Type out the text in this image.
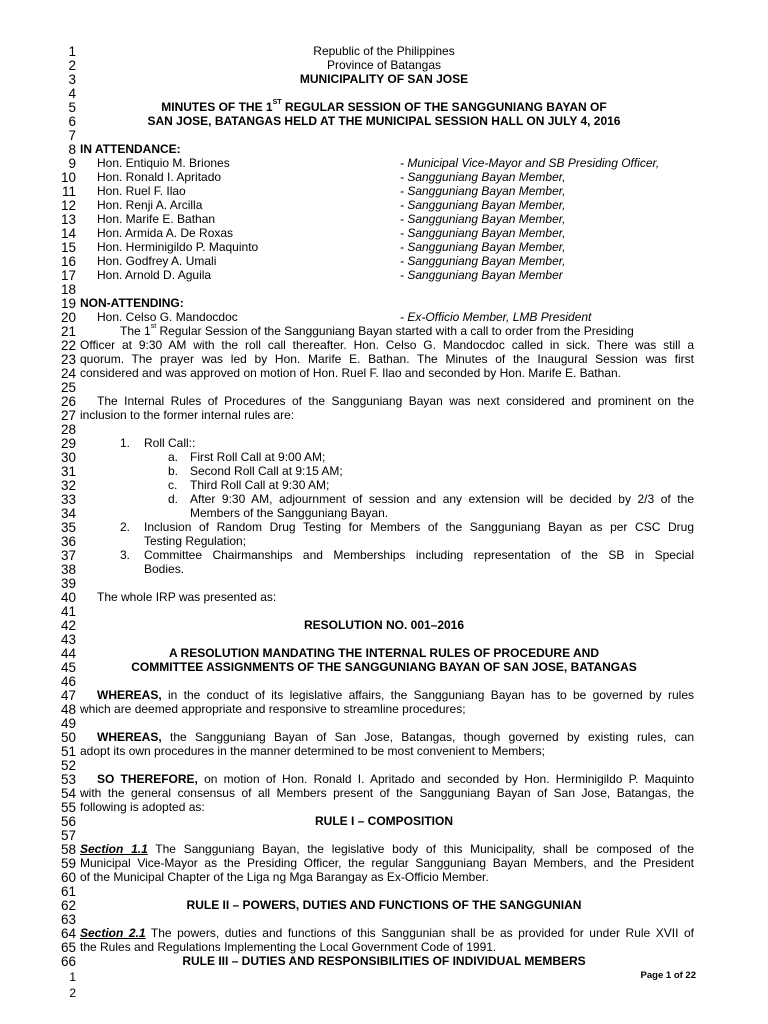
1
2
3
4
5
6
7
8
9
10
11
12
13
14
15
16
17
18
19
20
21
22
23
24
25
26
27
28
29
30
31
32
33
34
35
36
37
38
39
40
41
42
43
44
45
46
47
48
49
50
51
52
53
54
55
56
57
58
59
60
61
62
63
64
65
66
Republic of the Philippines
Province of Batangas
MUNICIPALITY OF SAN JOSE
MINUTES OF THE 1ST REGULAR SESSION OF THE SANGGUNIANG BAYAN OF
SAN JOSE, BATANGAS HELD AT THE MUNICIPAL SESSION HALL ON JULY 4, 2016
IN ATTENDANCE:
Hon. Entiquio M. Briones	- Municipal Vice-Mayor and SB Presiding Officer,
Hon. Ronald I. Apritado	- Sangguniang Bayan Member,
Hon. Ruel F. Ilao	- Sangguniang Bayan Member,
Hon. Renji A. Arcilla	- Sangguniang Bayan Member,
Hon. Marife E. Bathan	- Sangguniang Bayan Member,
Hon. Armida A. De Roxas	- Sangguniang Bayan Member,
Hon. Herminigildo P. Maquinto	- Sangguniang Bayan Member,
Hon. Godfrey A. Umali	- Sangguniang Bayan Member,
Hon. Arnold D. Aguila	- Sangguniang Bayan Member
NON-ATTENDING:
Hon. Celso G. Mandocdoc	- Ex-Officio Member, LMB President
The 1st Regular Session of the Sangguniang Bayan started with a call to order from the Presiding
Officer at 9:30 AM with the roll call thereafter. Hon. Celso G. Mandocdoc called in sick. There was still a
quorum. The prayer was led by Hon. Marife E. Bathan. The Minutes of the Inaugural Session was first
considered and was approved on motion of Hon. Ruel F. Ilao and seconded by Hon. Marife E. Bathan.
The Internal Rules of Procedures of the Sangguniang Bayan was next considered and prominent on the
inclusion to the former internal rules are:
1. Roll Call::
a. First Roll Call at 9:00 AM;
b. Second Roll Call at 9:15 AM;
c. Third Roll Call at 9:30 AM;
d. After 9:30 AM, adjournment of session and any extension will be decided by 2/3 of the
Members of the Sangguniang Bayan.
2. Inclusion of Random Drug Testing for Members of the Sangguniang Bayan as per CSC Drug
Testing Regulation;
3. Committee Chairmanships and Memberships including representation of the SB in Special
Bodies.
The whole IRP was presented as:
RESOLUTION NO. 001–2016
A RESOLUTION MANDATING THE INTERNAL RULES OF PROCEDURE AND
COMMITTEE ASSIGNMENTS OF THE SANGGUNIANG BAYAN OF SAN JOSE, BATANGAS
WHEREAS, in the conduct of its legislative affairs, the Sangguniang Bayan has to be governed by rules
which are deemed appropriate and responsive to streamline procedures;
WHEREAS, the Sangguniang Bayan of San Jose, Batangas, though governed by existing rules, can
adopt its own procedures in the manner determined to be most convenient to Members;
SO THEREFORE, on motion of Hon. Ronald I. Apritado and seconded by Hon. Herminigildo P. Maquinto
with the general consensus of all Members present of the Sangguniang Bayan of San Jose, Batangas, the
following is adopted as:
RULE I – COMPOSITION
Section 1.1 The Sangguniang Bayan, the legislative body of this Municipality, shall be composed of the
Municipal Vice-Mayor as the Presiding Officer, the regular Sangguniang Bayan Members, and the President
of the Municipal Chapter of the Liga ng Mga Barangay as Ex-Officio Member.
RULE II – POWERS, DUTIES AND FUNCTIONS OF THE SANGGUNIAN
Section 2.1 The powers, duties and functions of this Sanggunian shall be as provided for under Rule XVII of
the Rules and Regulations Implementing the Local Government Code of 1991.
RULE III – DUTIES AND RESPONSIBILITIES OF INDIVIDUAL MEMBERS
1
2
Page 1 of 22
